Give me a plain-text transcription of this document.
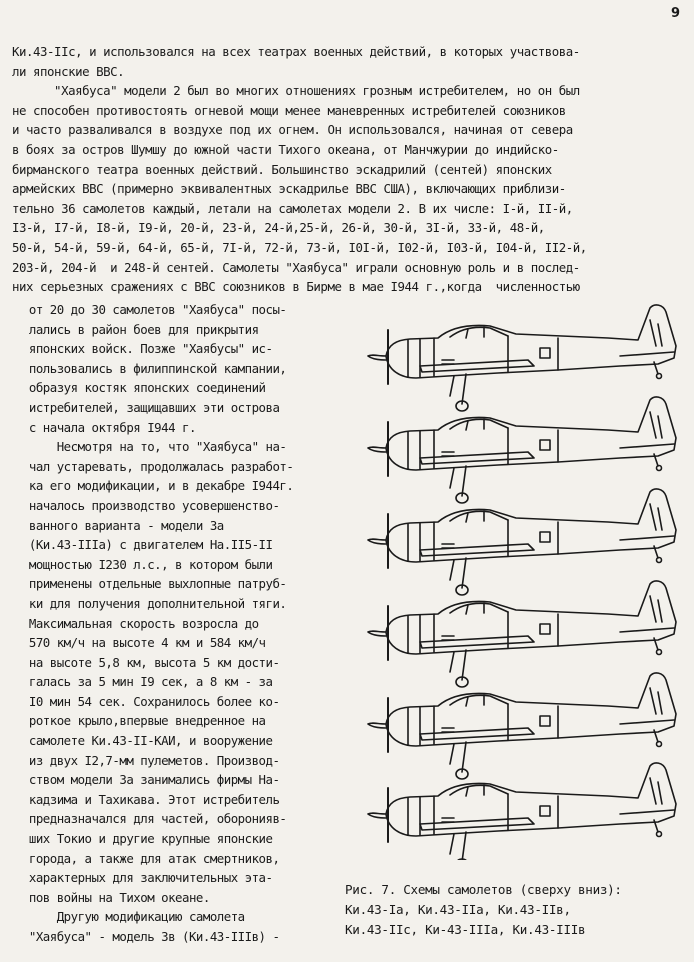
9
Ки.43-IIс, и использовался на всех театрах военных действий, в которых участвова-
ли японские ВВС.
"Хаябуса" модели 2 был во многих отношениях грозным истребителем, но он был
не способен противостоять огневой мощи менее маневренных истребителей союзников
и часто разваливался в воздухе под их огнем. Он использовался, начиная от севера
в боях за остров Шумшу до южной части Тихого океана, от Манчжурии до индийско-
бирманского театра военных действий. Большинство эскадрилий (сентей) японских
армейских ВВС (примерно эквивалентных эскадрилье ВВС США), включающих приблизи-
тельно 36 самолетов каждый, летали на самолетах модели 2. В их числе: I-й, II-й,
I3-й, I7-й, I8-й, I9-й, 20-й, 23-й, 24-й,25-й, 26-й, 30-й, 3I-й, 33-й, 48-й,
50-й, 54-й, 59-й, 64-й, 65-й, 7I-й, 72-й, 73-й, I0I-й, I02-й, I03-й, I04-й, II2-й,
203-й, 204-й  и 248-й сентей. Самолеты "Хаябуса" играли основную роль и в послед-
них серьезных сражениях с ВВС союзников в Бирме в мае I944 г.,когда  численностью
от 20 до 30 самолетов "Хаябуса" посы-
лались в район боев для прикрытия
японских войск. Позже "Хаябусы" ис-
пользовались в филиппинской кампании,
образуя костяк японских соединений
истребителей, защищавших эти острова
с начала октября I944 г.
Несмотря на то, что "Хаябуса" на-
чал устаревать, продолжалась разработ-
ка его модификации, и в декабре I944г.
началось производство усовершенство-
ванного варианта - модели 3а
(Ки.43-IIIа) с двигателем На.II5-II
мощностью I230 л.с., в котором были
применены отдельные выхлопные патруб-
ки для получения дополнительной тяги.
Максимальная скорость возросла до
570 км/ч на высоте 4 км и 584 км/ч
на высоте 5,8 км, высота 5 км дости-
галась за 5 мин I9 сек, а 8 км - за
I0 мин 54 сек. Сохранилось более ко-
роткое крыло,впервые внедренное на
самолете Ки.43-II-КАИ, и вооружение
из двух I2,7-мм пулеметов. Производ-
ством модели 3а занимались фирмы На-
кадзима и Тахикава. Этот истребитель
предназначался для частей, оборонияв-
ших Токио и другие крупные японские
города, а также для атак смертников,
характерных для заключительных эта-
пов войны на Тихом океане.
Другую модификацию самолета
"Хаябуса" - модель 3в (Ки.43-IIIв) -
Рис. 7. Схемы самолетов (сверху вниз):
Ки.43-Iа, Ки.43-IIа, Ки.43-IIв,
Ки.43-IIс, Ки-43-IIIа, Ки.43-IIIв
